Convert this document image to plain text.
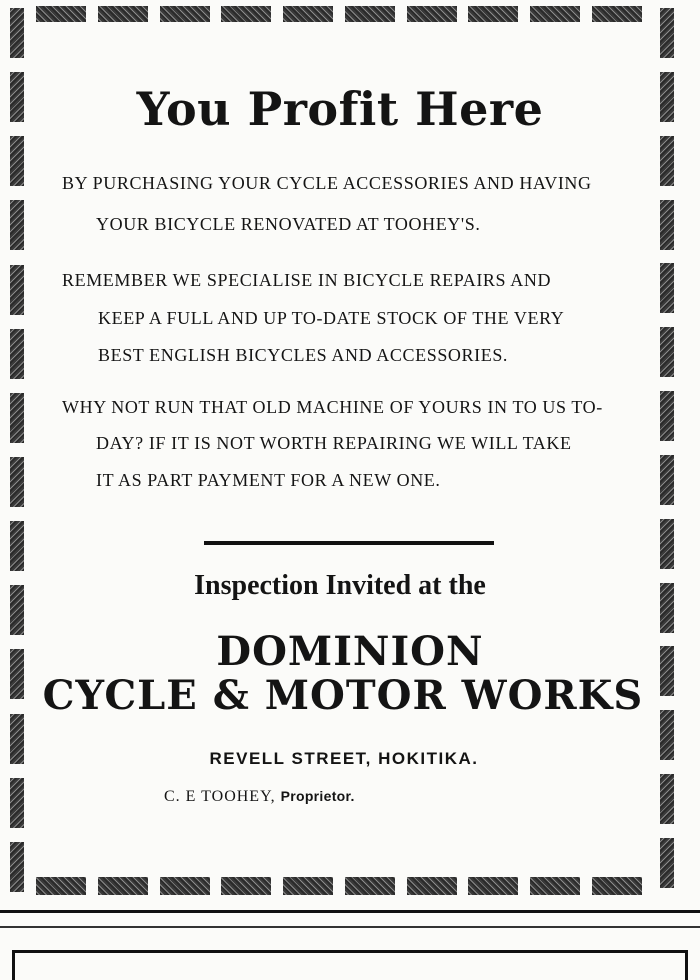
You Profit Here

BY PURCHASING YOUR CYCLE ACCESSORIES AND HAVING

YOUR BICYCLE RENOVATED AT TOOHEY'S.

REMEMBER WE SPECIALISE IN BICYCLE REPAIRS AND

KEEP A FULL AND UP TO-DATE STOCK OF THE VERY

BEST ENGLISH BICYCLES AND ACCESSORIES.

WHY NOT RUN THAT OLD MACHINE OF YOURS IN TO US TO-

DAY? IF IT IS NOT WORTH REPAIRING WE WILL TAKE

IT AS PART PAYMENT FOR A NEW ONE.

Inspection Invited at the
DOMINION
CYCLE & MOTOR WORKS

REVELL STREET, HOKITIKA.

C. E TOOHEY, Proprietor.
